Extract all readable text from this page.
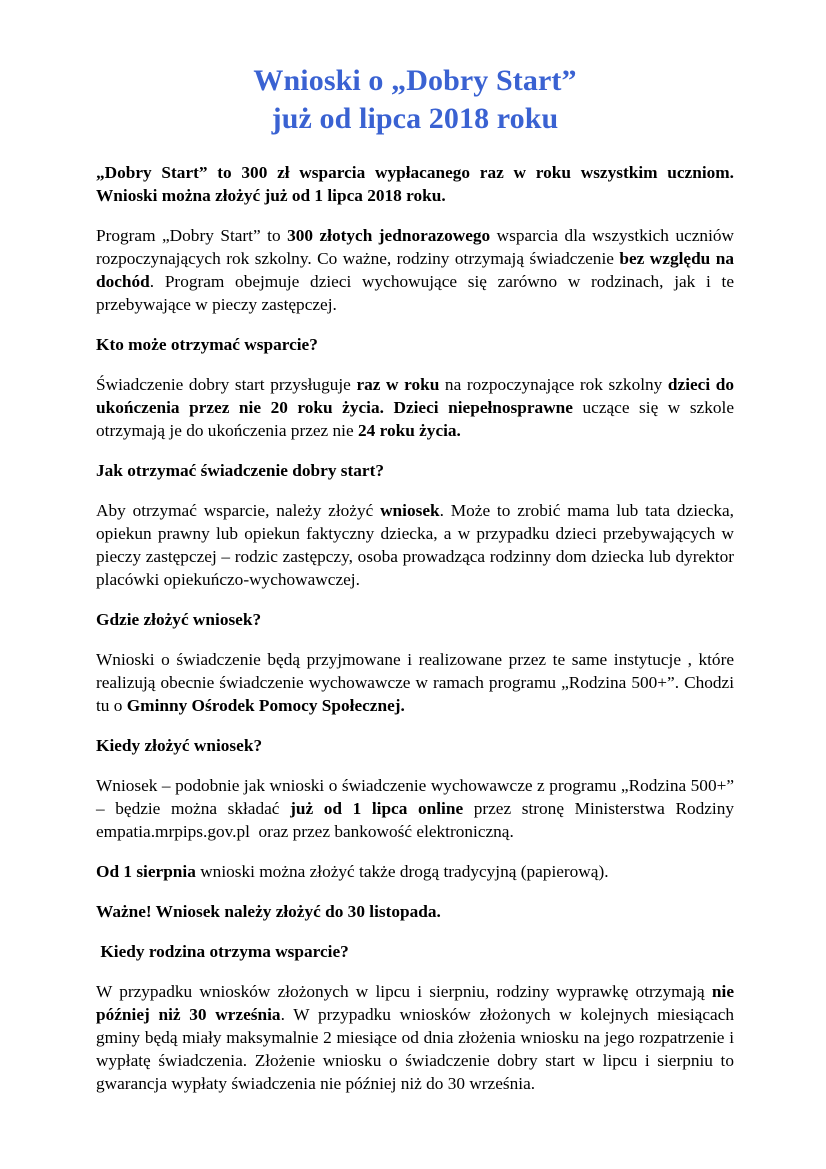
Wnioski o „Dobry Start”
już od lipca 2018 roku

„Dobry Start” to 300 zł wsparcia wypłacanego raz w roku wszystkim uczniom. Wnioski można złożyć już od 1 lipca 2018 roku.

Program „Dobry Start” to 300 złotych jednorazowego wsparcia dla wszystkich uczniów rozpoczynających rok szkolny. Co ważne, rodziny otrzymają świadczenie bez względu na dochód. Program obejmuje dzieci wychowujące się zarówno w rodzinach, jak i te przebywające w pieczy zastępczej.

Kto może otrzymać wsparcie?

Świadczenie dobry start przysługuje raz w roku na rozpoczynające rok szkolny dzieci do ukończenia przez nie 20 roku życia. Dzieci niepełnosprawne uczące się w szkole otrzymają je do ukończenia przez nie 24 roku życia.

Jak otrzymać świadczenie dobry start?

Aby otrzymać wsparcie, należy złożyć wniosek. Może to zrobić mama lub tata dziecka, opiekun prawny lub opiekun faktyczny dziecka, a w przypadku dzieci przebywających w pieczy zastępczej – rodzic zastępczy, osoba prowadząca rodzinny dom dziecka lub dyrektor placówki opiekuńczo-wychowawczej.

Gdzie złożyć wniosek?

Wnioski o świadczenie będą przyjmowane i realizowane przez te same instytucje , które realizują obecnie świadczenie wychowawcze w ramach programu „Rodzina 500+”. Chodzi tu o Gminny Ośrodek Pomocy Społecznej.

Kiedy złożyć wniosek?

Wniosek – podobnie jak wnioski o świadczenie wychowawcze z programu „Rodzina 500+” – będzie można składać już od 1 lipca online przez stronę Ministerstwa Rodziny empatia.mrpips.gov.pl  oraz przez bankowość elektroniczną.

Od 1 sierpnia wnioski można złożyć także drogą tradycyjną (papierową).

Ważne! Wniosek należy złożyć do 30 listopada.

Kiedy rodzina otrzyma wsparcie?

W przypadku wniosków złożonych w lipcu i sierpniu, rodziny wyprawkę otrzymają nie później niż 30 września. W przypadku wniosków złożonych w kolejnych miesiącach gminy będą miały maksymalnie 2 miesiące od dnia złożenia wniosku na jego rozpatrzenie i wypłatę świadczenia. Złożenie wniosku o świadczenie dobry start w lipcu i sierpniu to gwarancja wypłaty świadczenia nie później niż do 30 września.
